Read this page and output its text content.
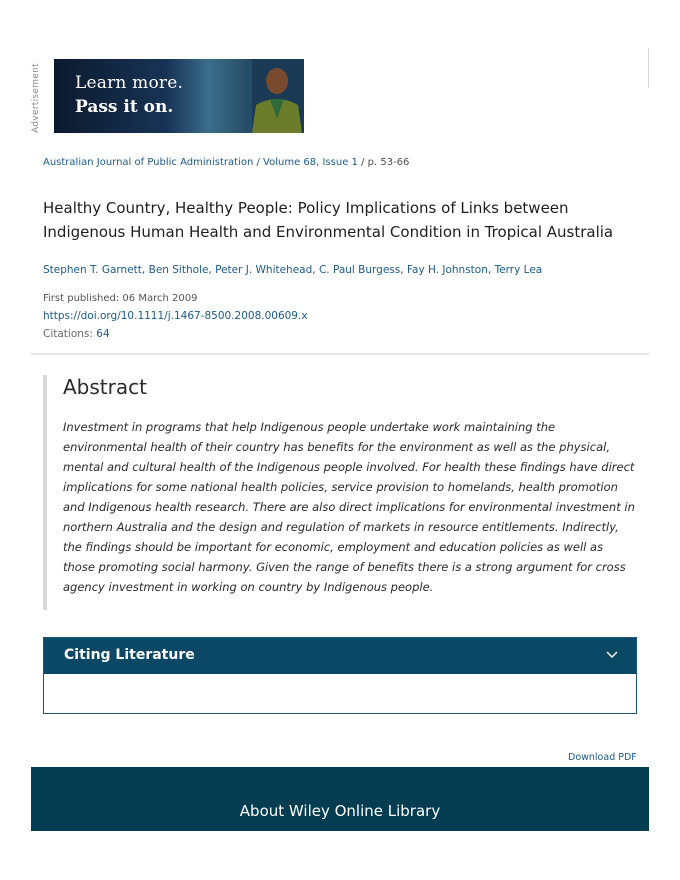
Advertisement	Learn more.
Pass it on.
Australian Journal of Public Administration / Volume 68, Issue 1 / p. 53-66
Healthy Country, Healthy People: Policy Implications of Links between Indigenous Human Health and Environmental Condition in Tropical Australia
Stephen T. Garnett, Ben Sithole, Peter J. Whitehead, C. Paul Burgess, Fay H. Johnston, Terry Lea
First published: 06 March 2009
https://doi.org/10.1111/j.1467-8500.2008.00609.x
Citations: 64
Abstract

Investment in programs that help Indigenous people undertake work maintaining the environmental health of their country has benefits for the environment as well as the physical, mental and cultural health of the Indigenous people involved. For health these findings have direct implications for some national health policies, service provision to homelands, health promotion and Indigenous health research. There are also direct implications for environmental investment in northern Australia and the design and regulation of markets in resource entitlements. Indirectly, the findings should be important for economic, employment and education policies as well as those promoting social harmony. Given the range of benefits there is a strong argument for cross agency investment in working on country by Indigenous people.

Citing Literature
Download PDF
About Wiley Online Library
